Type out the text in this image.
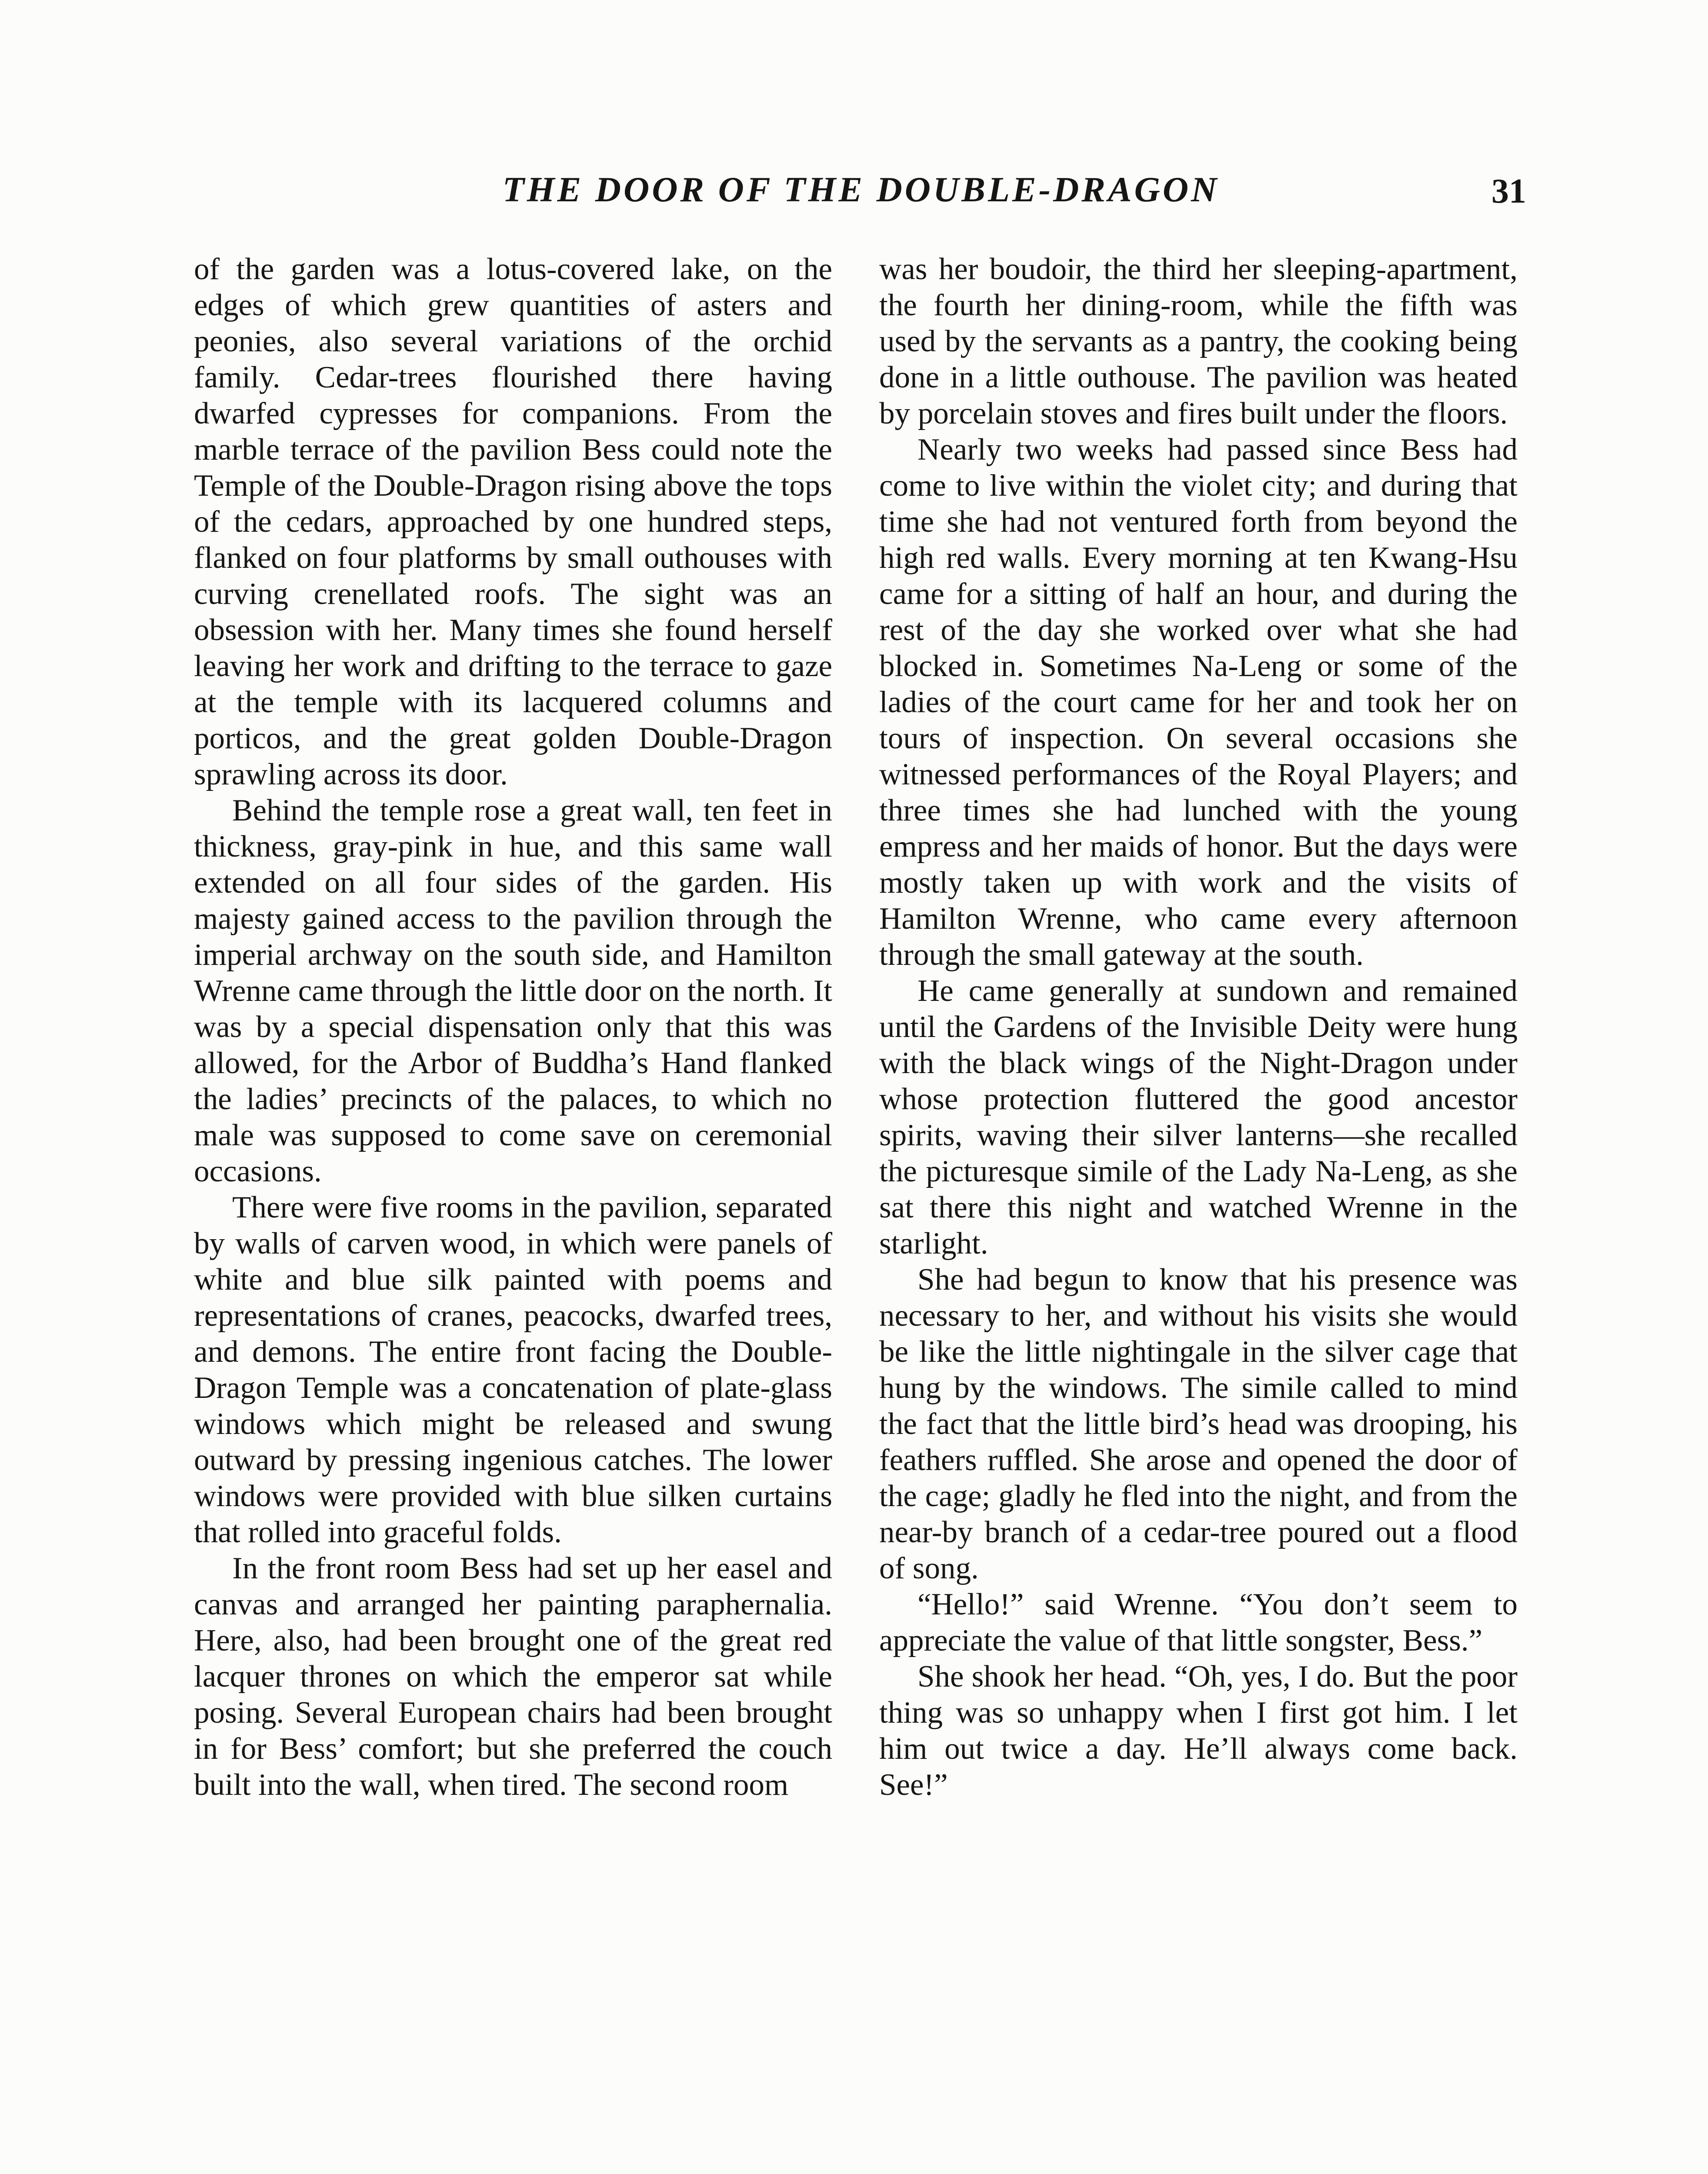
THE DOOR OF THE DOUBLE-DRAGON	31

of the garden was a lotus-covered lake, on the edges of which grew quantities of asters and peonies, also several variations of the orchid family. Cedar-trees flourished there having dwarfed cypresses for companions. From the marble terrace of the pavilion Bess could note the Temple of the Double-Dragon rising above the tops of the cedars, approached by one hundred steps, flanked on four platforms by small outhouses with curving crenellated roofs. The sight was an obsession with her. Many times she found herself leaving her work and drifting to the terrace to gaze at the temple with its lacquered columns and porticos, and the great golden Double-Dragon sprawling across its door.

Behind the temple rose a great wall, ten feet in thickness, gray-pink in hue, and this same wall extended on all four sides of the garden. His majesty gained access to the pavilion through the imperial archway on the south side, and Hamilton Wrenne came through the little door on the north. It was by a special dispensation only that this was allowed, for the Arbor of Buddha’s Hand flanked the ladies’ precincts of the palaces, to which no male was supposed to come save on ceremonial occasions.

There were five rooms in the pavilion, separated by walls of carven wood, in which were panels of white and blue silk painted with poems and representations of cranes, peacocks, dwarfed trees, and demons. The entire front facing the Double-Dragon Temple was a concatenation of plate-glass windows which might be released and swung outward by pressing ingenious catches. The lower windows were provided with blue silken curtains that rolled into graceful folds.

In the front room Bess had set up her easel and canvas and arranged her painting paraphernalia. Here, also, had been brought one of the great red lacquer thrones on which the emperor sat while posing. Several European chairs had been brought in for Bess’ comfort; but she preferred the couch built into the wall, when tired. The second room

was her boudoir, the third her sleeping-apartment, the fourth her dining-room, while the fifth was used by the servants as a pantry, the cooking being done in a little outhouse. The pavilion was heated by porcelain stoves and fires built under the floors.

Nearly two weeks had passed since Bess had come to live within the violet city; and during that time she had not ventured forth from beyond the high red walls. Every morning at ten Kwang-Hsu came for a sitting of half an hour, and during the rest of the day she worked over what she had blocked in. Sometimes Na-Leng or some of the ladies of the court came for her and took her on tours of inspection. On several occasions she witnessed performances of the Royal Players; and three times she had lunched with the young empress and her maids of honor. But the days were mostly taken up with work and the visits of Hamilton Wrenne, who came every afternoon through the small gateway at the south.

He came generally at sundown and remained until the Gardens of the Invisible Deity were hung with the black wings of the Night-Dragon under whose protection fluttered the good ancestor spirits, waving their silver lanterns—she recalled the picturesque simile of the Lady Na-Leng, as she sat there this night and watched Wrenne in the starlight.

She had begun to know that his presence was necessary to her, and without his visits she would be like the little nightingale in the silver cage that hung by the windows. The simile called to mind the fact that the little bird’s head was drooping, his feathers ruffled. She arose and opened the door of the cage; gladly he fled into the night, and from the near-by branch of a cedar-tree poured out a flood of song.

“Hello!” said Wrenne. “You don’t seem to appreciate the value of that little songster, Bess.”

She shook her head. “Oh, yes, I do. But the poor thing was so unhappy when I first got him. I let him out twice a day. He’ll always come back. See!”
